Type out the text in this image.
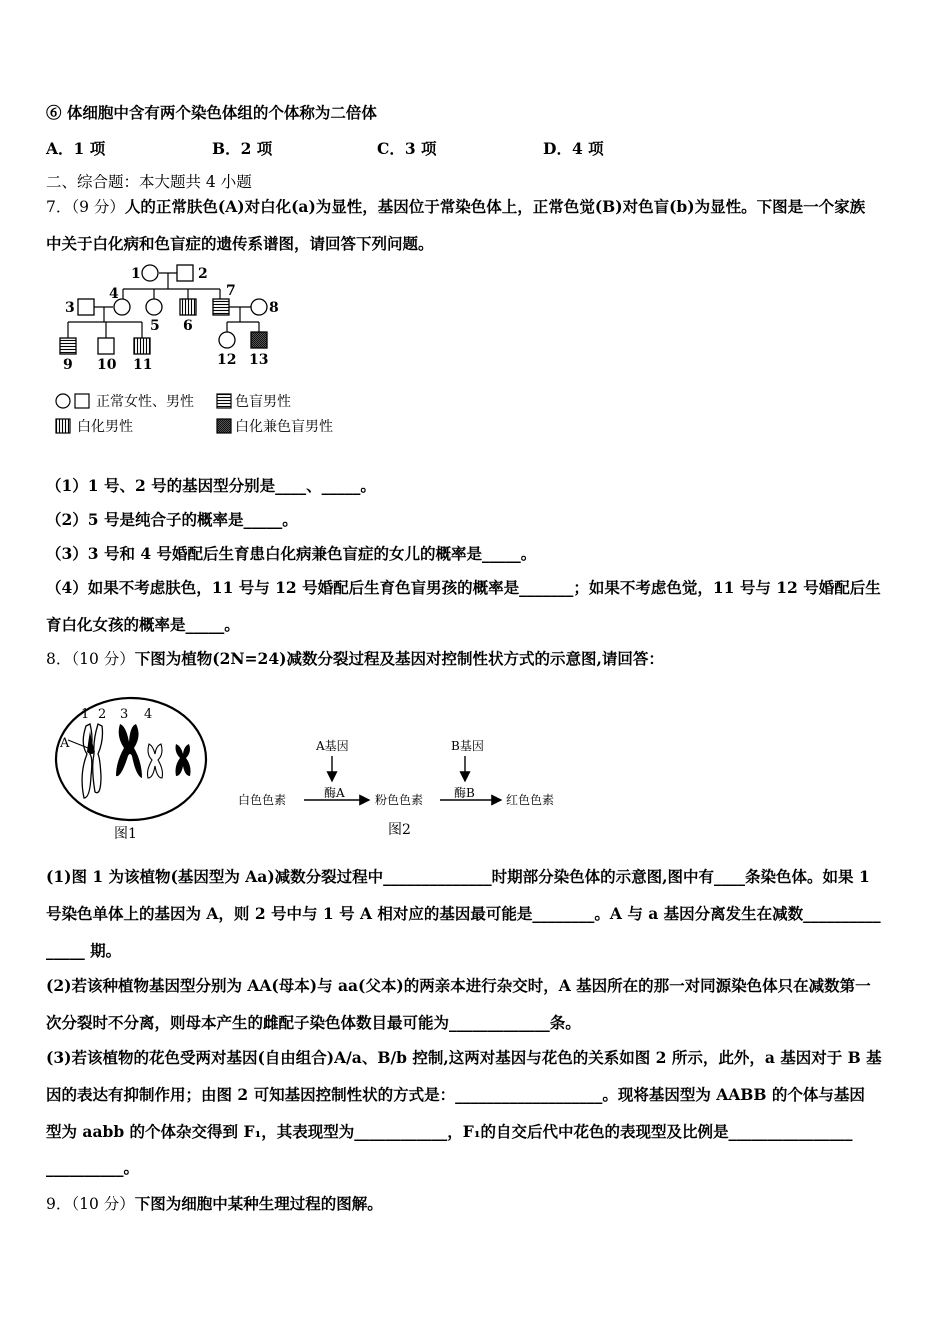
⑥ 体细胞中含有两个染色体组的个体称为二倍体
A．1 项	B．2 项	C．3 项	D．4 项
二、综合题：本大题共 4 小题
7．（9 分）人的正常肤色(A)对白化(a)为显性，基因位于常染色体上，正常色觉(B)对色盲(b)为显性。下图是一个家族
中关于白化病和色盲症的遗传系谱图，请回答下列问题。
1	2
3
4
5 6
7
8
9 10 11	12 13
正常女性、男性	色盲男性
白化男性	白化兼色盲男性
（1）1 号、2 号的基因型分别是____、_____。
（2）5 号是纯合子的概率是_____。
（3）3 号和 4 号婚配后生育患白化病兼色盲症的女儿的概率是_____。
（4）如果不考虑肤色，11 号与 12 号婚配后生育色盲男孩的概率是_______；如果不考虑色觉，11 号与 12 号婚配后生
育白化女孩的概率是_____。
8．（10 分）下图为植物(2N=24)减数分裂过程及基因对控制性状方式的示意图,请回答：
1 2 3 4
A
图1
A基因	B基因
酶A	酶B
白色色素	粉色色素	红色色素
图2
(1)图 1 为该植物(基因型为 Aa)减数分裂过程中______________时期部分染色体的示意图,图中有____条染色体。如果 1
号染色单体上的基因为 A，则 2 号中与 1 号 A 相对应的基因最可能是________。A 与 a 基因分离发生在减数__________
_____ 期。
(2)若该种植物基因型分别为 AA(母本)与 aa(父本)的两亲本进行杂交时，A 基因所在的那一对同源染色体只在减数第一
次分裂时不分离，则母本产生的雌配子染色体数目最可能为_____________条。
(3)若该植物的花色受两对基因(自由组合)A/a、B/b 控制,这两对基因与花色的关系如图 2 所示，此外，a 基因对于 B 基
因的表达有抑制作用；由图 2 可知基因控制性状的方式是：___________________。现将基因型为 AABB 的个体与基因
型为 aabb 的个体杂交得到 F₁，其表现型为____________，F₁的自交后代中花色的表现型及比例是________________
__________。
9．（10 分）下图为细胞中某种生理过程的图解。
